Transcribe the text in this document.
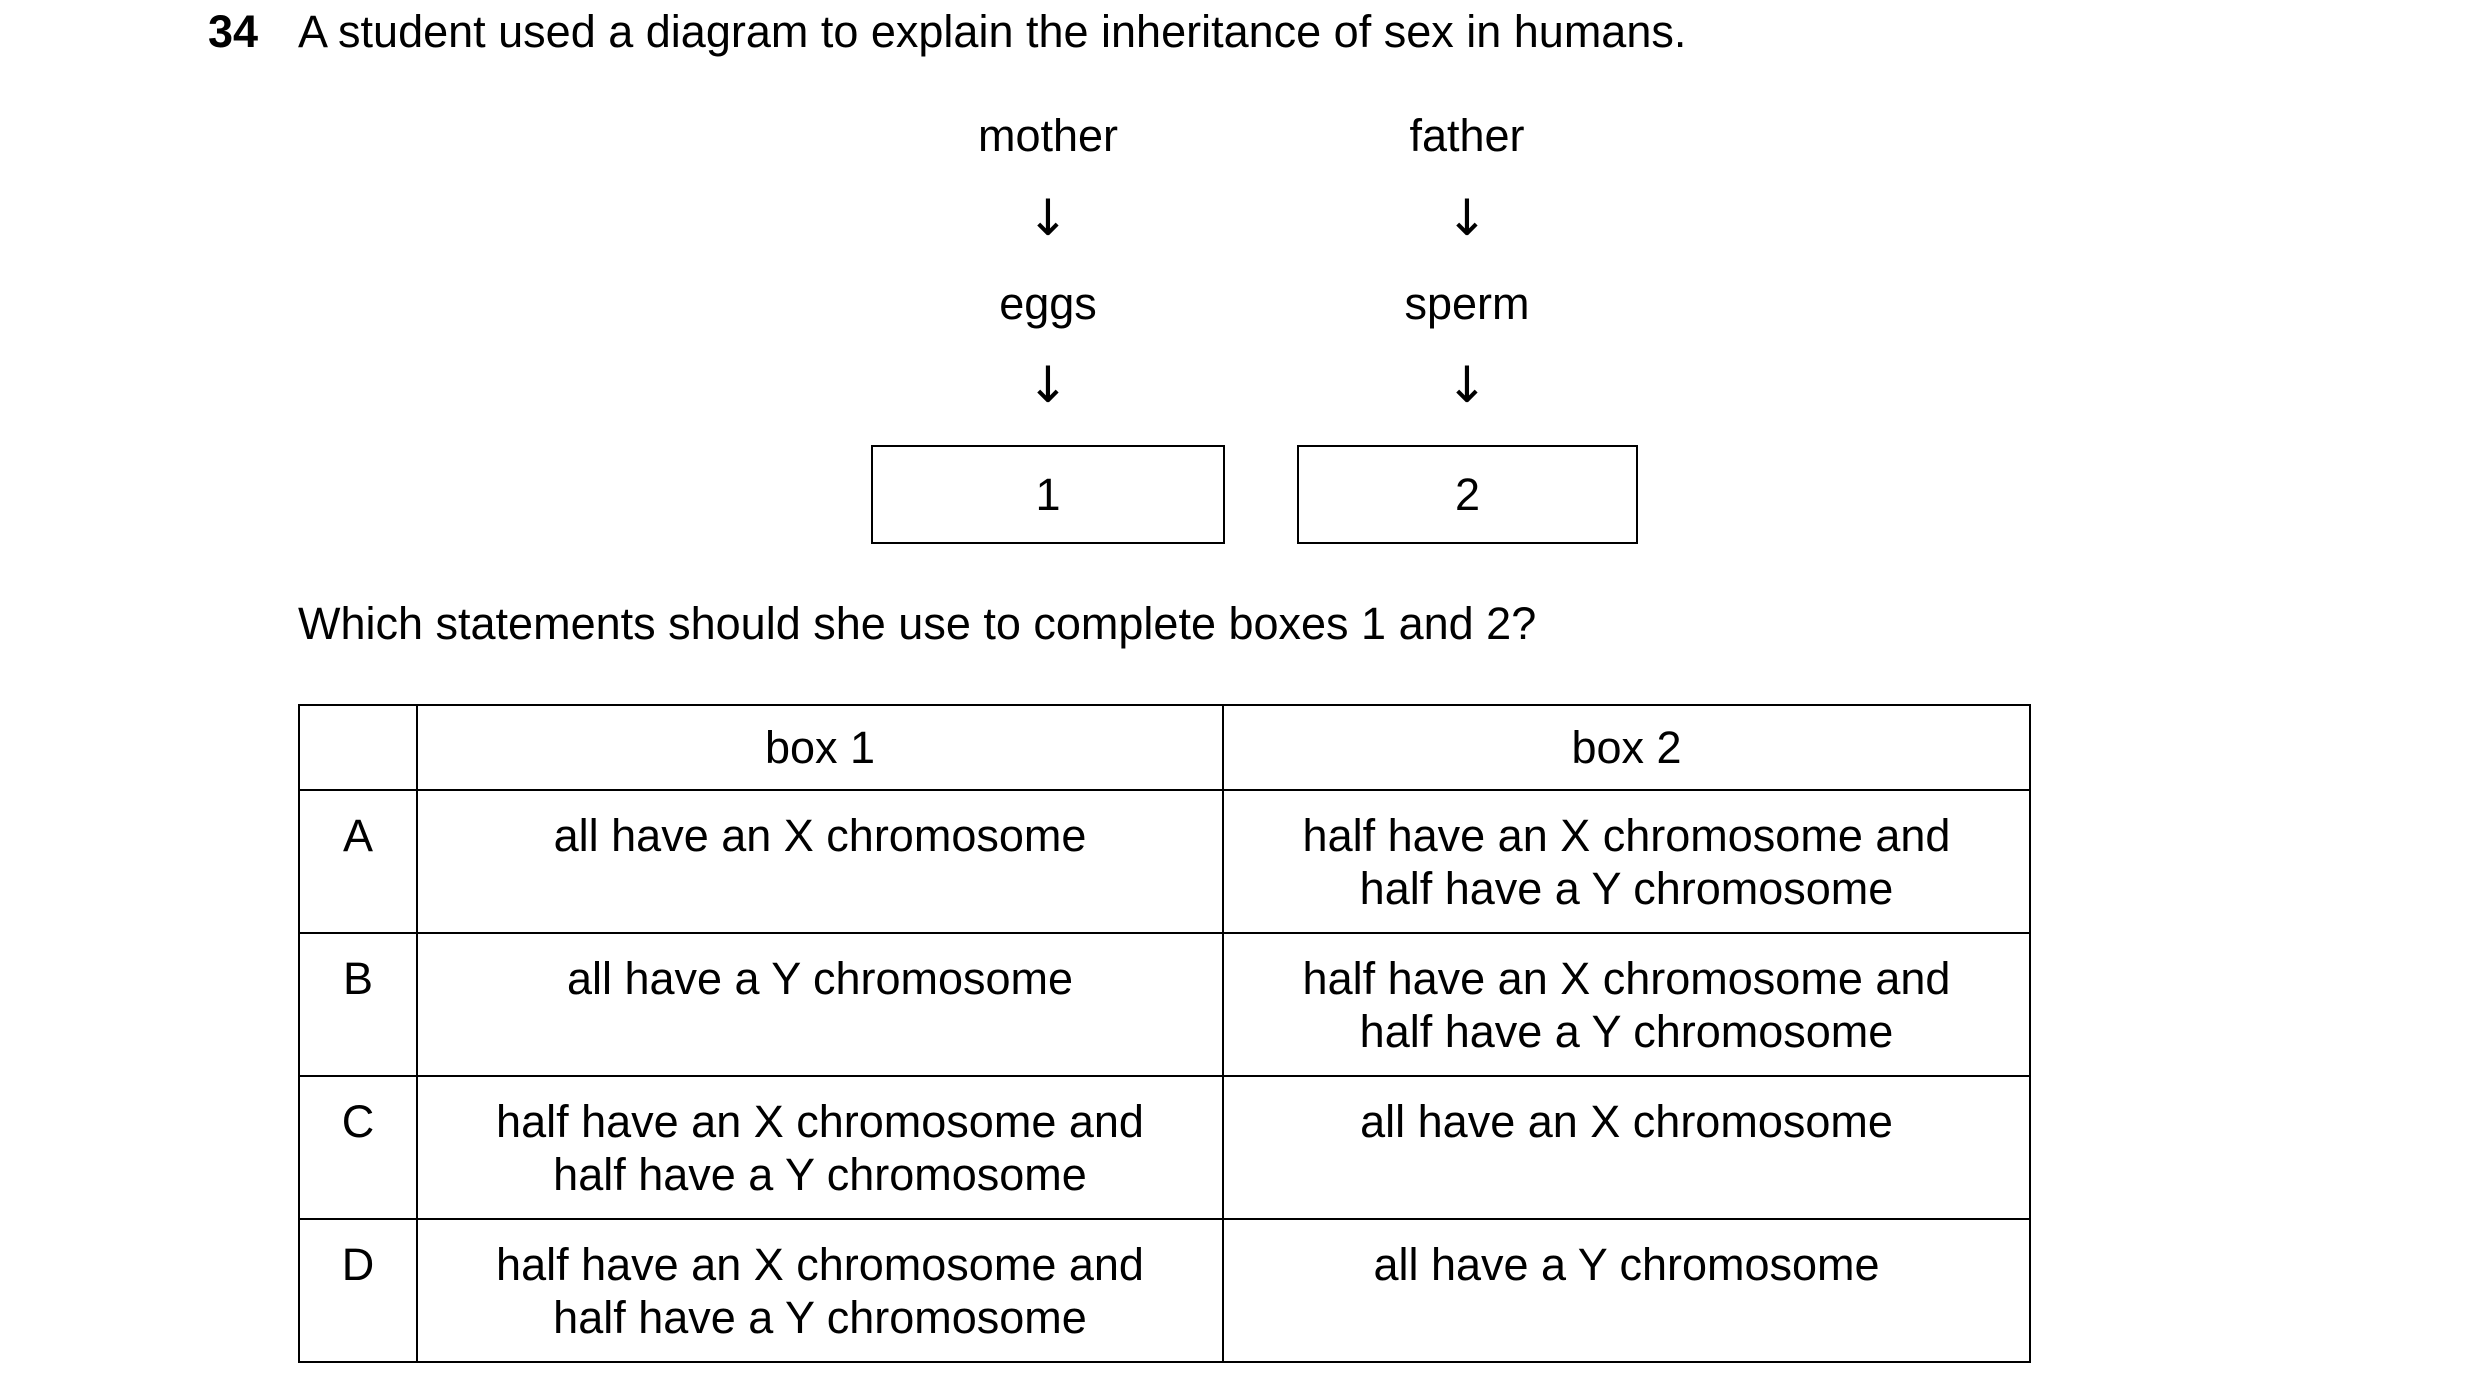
34 A student used a diagram to explain the inheritance of sex in humans.
mother	father
↓	↓
eggs	sperm
↓	↓
1	2
Which statements should she use to complete boxes 1 and 2?
	box 1	box 2
A	all have an X chromosome	half have an X chromosome and
half have a Y chromosome

B	all have a Y chromosome	half have an X chromosome and
half have a Y chromosome

C	half have an X chromosome and
half have a Y chromosome	all have an X chromosome

D	half have an X chromosome and
half have a Y chromosome	all have a Y chromosome
